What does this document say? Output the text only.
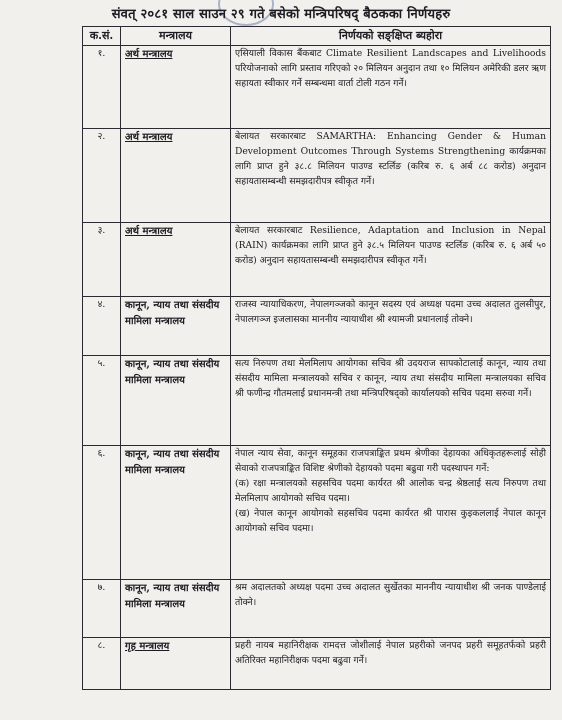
संवत् २०८१ साल साउन २९ गते बसेको मन्त्रिपरिषद् बैठकका निर्णयहरु
क.सं.	मन्त्रालय	निर्णयको सङ्क्षिप्त ब्यहोरा
१.	अर्थ मन्त्रालय	एसियाली विकास बैंकबाट Climate Resilient Landscapes and Livelihoods परियोजनाको लागि प्रस्ताव गरिएको २० मिलियन अनुदान तथा १० मिलियन अमेरिकी डलर ऋण सहायता स्वीकार गर्ने सम्बन्धमा वार्ता टोली गठन गर्ने।
२.	अर्थ मन्त्रालय	बेलायत सरकारबाट SAMARTHA: Enhancing Gender & Human Development Outcomes Through Systems Strengthening कार्यक्रमका लागि प्राप्त हुने ३८.८ मिलियन पाउण्ड स्टर्लिङ (करिब रु. ६ अर्ब ८८ करोड) अनुदान सहायतासम्बन्धी समझदारीपत्र स्वीकृत गर्ने।
३.	अर्थ मन्त्रालय	बेलायत सरकारबाट Resilience, Adaptation and Inclusion in Nepal (RAIN) कार्यक्रमका लागि प्राप्त हुने ३८.५ मिलियन पाउण्ड स्टर्लिङ (करिब रु. ६ अर्ब ५० करोड) अनुदान सहायतासम्बन्धी समझदारीपत्र स्वीकृत गर्ने।
४.	कानून, न्याय तथा संसदीय मामिला मन्त्रालय	राजस्व न्यायाधिकरण, नेपालगञ्जको कानून सदस्य एवं अध्यक्ष पदमा उच्च अदालत तुलसीपुर, नेपालगञ्ज इजलासका माननीय न्यायाधीश श्री श्यामजी प्रधानलाई तोक्ने।
५.	कानून, न्याय तथा संसदीय मामिला मन्त्रालय	सत्य निरुपण तथा मेलमिलाप आयोगका सचिव श्री उदयराज सापकोटालाई कानून, न्याय तथा संसदीय मामिला मन्त्रालयको सचिव र कानून, न्याय तथा संसदीय मामिला मन्त्रालयका सचिव श्री फणीन्द्र गौतमलाई प्रधानमन्त्री तथा मन्त्रिपरिषद्को कार्यालयको सचिव पदमा सरुवा गर्ने।
६.	कानून, न्याय तथा संसदीय मामिला मन्त्रालय	नेपाल न्याय सेवा, कानून समूहका राजपत्राङ्कित प्रथम श्रेणीका देहायका अधिकृतहरूलाई सोही सेवाको राजपत्राङ्कित विशिष्ट श्रेणीको देहायको पदमा बढुवा गरी पदस्थापन गर्ने:
(क) रक्षा मन्त्रालयको सहसचिव पदमा कार्यरत श्री आलोक चन्द्र श्रेष्ठलाई सत्य निरुपण तथा मेलमिलाप आयोगको सचिव पदमा।
(ख) नेपाल कानून आयोगको सहसचिव पदमा कार्यरत श्री पारास कुइकललाई नेपाल कानून आयोगको सचिव पदमा।

७.	कानून, न्याय तथा संसदीय मामिला मन्त्रालय	श्रम अदालतको अध्यक्ष पदमा उच्च अदालत सुर्खेतका माननीय न्यायाधीश श्री जनक पाण्डेलाई तोक्ने।
८.	गृह मन्त्रालय	प्रहरी नायब महानिरीक्षक रामदत्त जोशीलाई नेपाल प्रहरीको जनपद प्रहरी समूहतर्फको प्रहरी अतिरिक्त महानिरीक्षक पदमा बढुवा गर्ने।
